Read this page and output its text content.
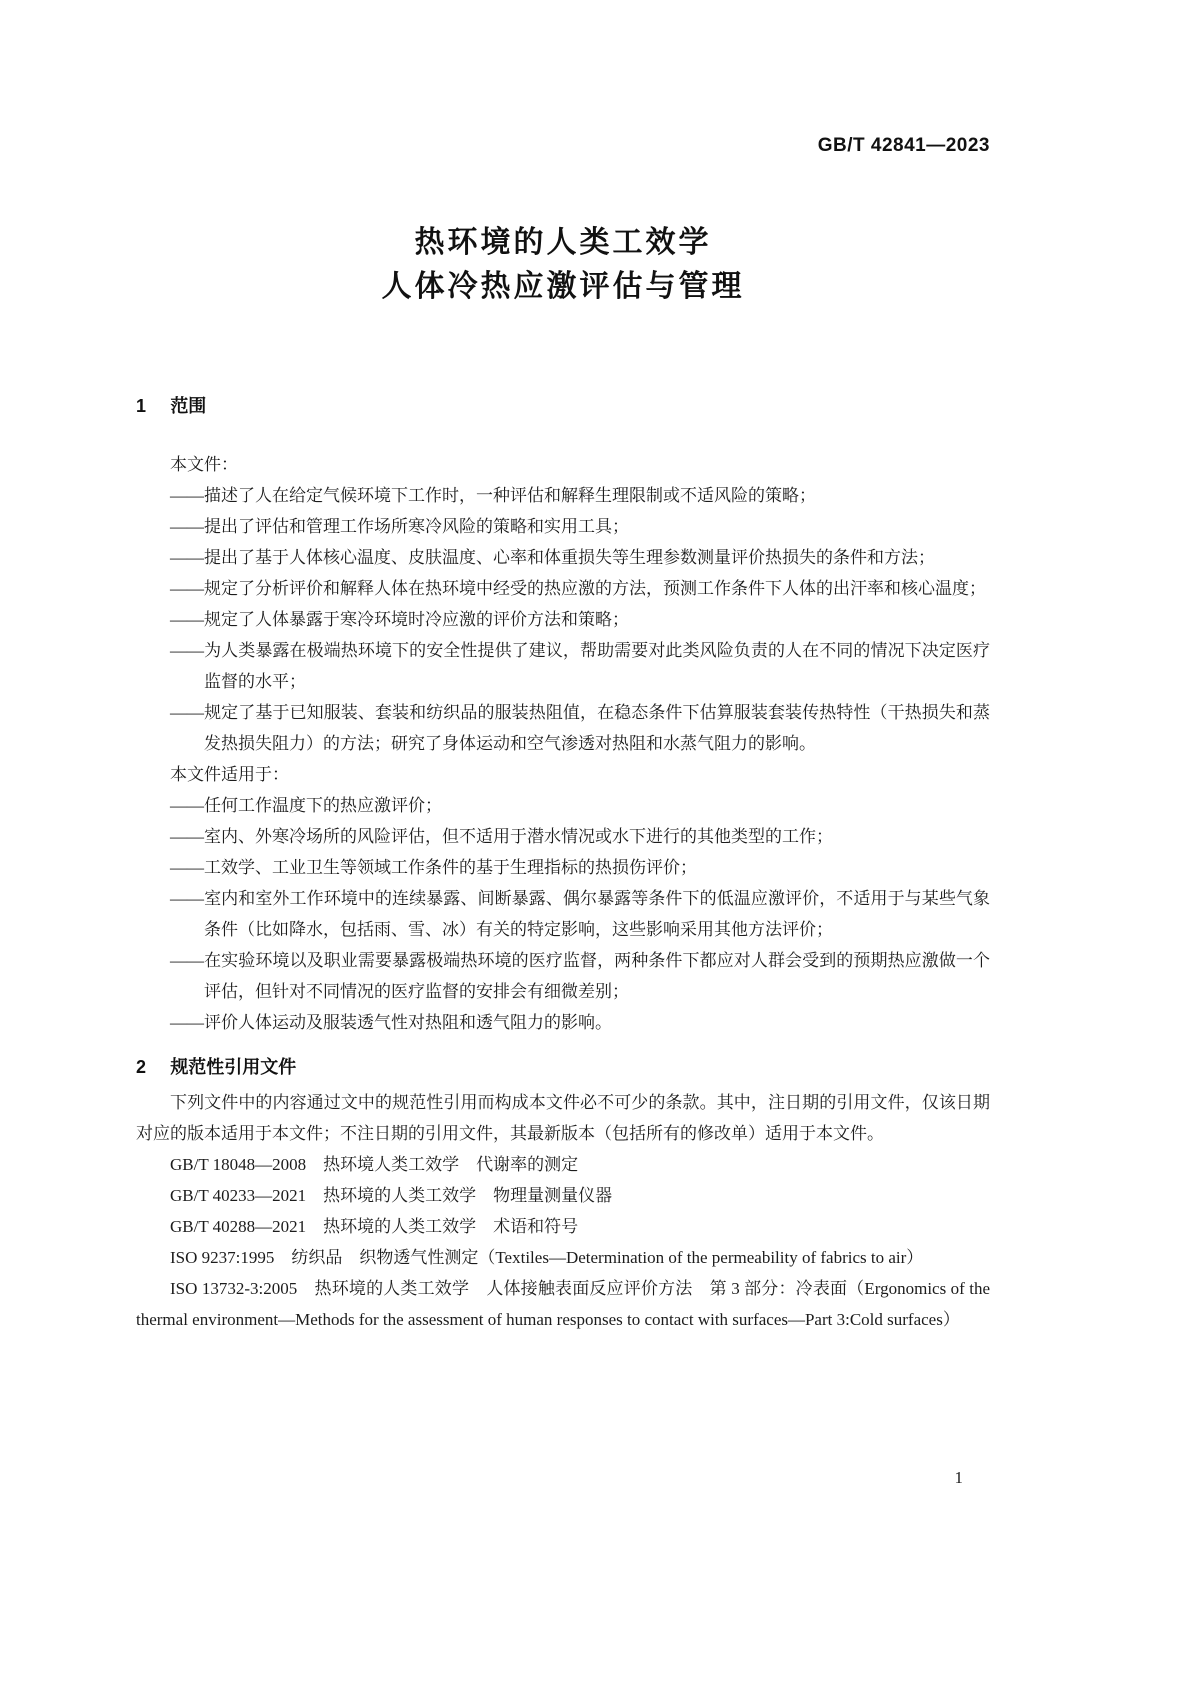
GB/T 42841—2023
热环境的人类工效学
人体冷热应激评估与管理
1 范围

本文件：

——描述了人在给定气候环境下工作时，一种评估和解释生理限制或不适风险的策略；

——提出了评估和管理工作场所寒冷风险的策略和实用工具；

——提出了基于人体核心温度、皮肤温度、心率和体重损失等生理参数测量评价热损失的条件和方法；

——规定了分析评价和解释人体在热环境中经受的热应激的方法，预测工作条件下人体的出汗率和核心温度；

——规定了人体暴露于寒冷环境时冷应激的评价方法和策略；

——为人类暴露在极端热环境下的安全性提供了建议，帮助需要对此类风险负责的人在不同的情况下决定医疗监督的水平；

——规定了基于已知服装、套装和纺织品的服装热阻值，在稳态条件下估算服装套装传热特性（干热损失和蒸发热损失阻力）的方法；研究了身体运动和空气渗透对热阻和水蒸气阻力的影响。

本文件适用于：

——任何工作温度下的热应激评价；

——室内、外寒冷场所的风险评估，但不适用于潜水情况或水下进行的其他类型的工作；

——工效学、工业卫生等领域工作条件的基于生理指标的热损伤评价；

——室内和室外工作环境中的连续暴露、间断暴露、偶尔暴露等条件下的低温应激评价，不适用于与某些气象条件（比如降水，包括雨、雪、冰）有关的特定影响，这些影响采用其他方法评价；

——在实验环境以及职业需要暴露极端热环境的医疗监督，两种条件下都应对人群会受到的预期热应激做一个评估，但针对不同情况的医疗监督的安排会有细微差别；

——评价人体运动及服装透气性对热阻和透气阻力的影响。

2 规范性引用文件

下列文件中的内容通过文中的规范性引用而构成本文件必不可少的条款。其中，注日期的引用文件，仅该日期对应的版本适用于本文件；不注日期的引用文件，其最新版本（包括所有的修改单）适用于本文件。

GB/T 18048—2008　热环境人类工效学　代谢率的测定

GB/T 40233—2021　热环境的人类工效学　物理量测量仪器

GB/T 40288—2021　热环境的人类工效学　术语和符号

ISO 9237:1995　纺织品　织物透气性测定（Textiles—Determination of the permeability of fabrics to air）

ISO 13732-3:2005　热环境的人类工效学　人体接触表面反应评价方法　第 3 部分：冷表面（Ergonomics of the thermal environment—Methods for the assessment of human responses to contact with surfaces—Part 3:Cold surfaces）

1
